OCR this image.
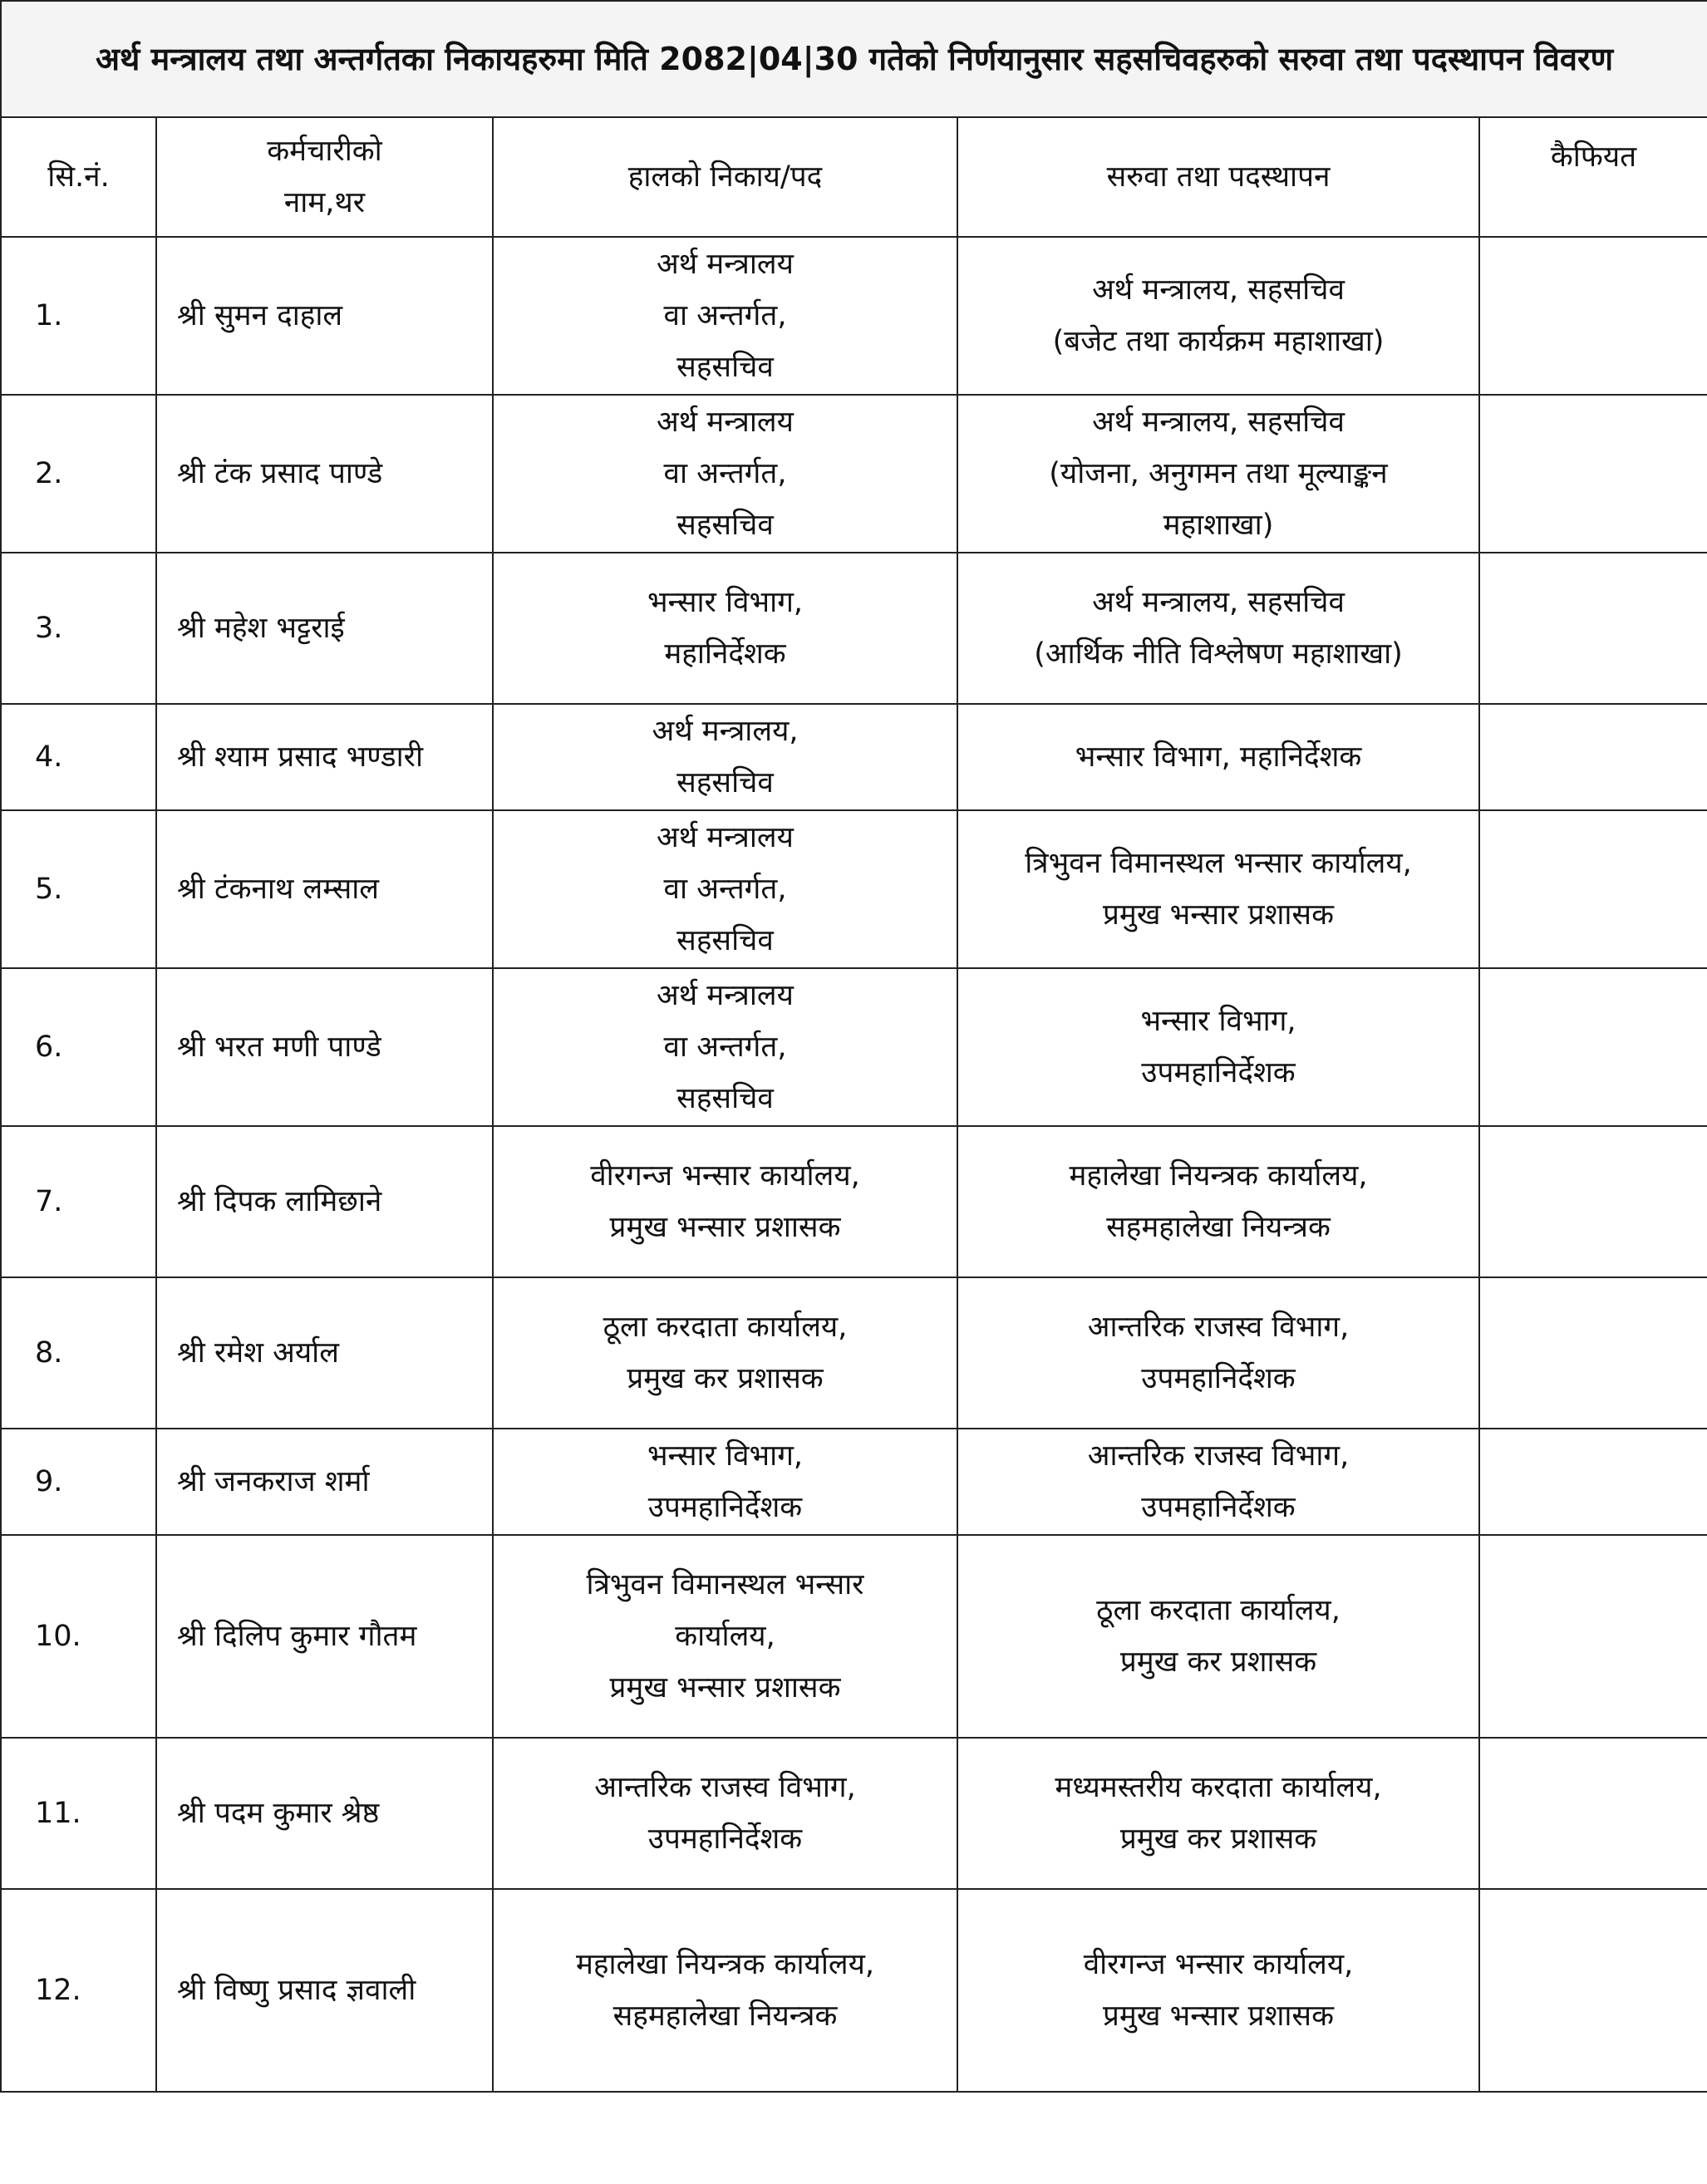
अर्थ मन्त्रालय तथा अन्तर्गतका निकायहरुमा मिति 2082|04|30 गतेको निर्णयानुसार सहसचिवहरुको सरुवा तथा पदस्थापन विवरण				
सि.नं.	कर्मचारीको
नाम,थर	हालको निकाय/पद	सरुवा तथा पदस्थापन	कैफियत
1.	श्री सुमन दाहाल	अर्थ मन्त्रालय
वा अन्तर्गत,
सहसचिव	अर्थ मन्त्रालय, सहसचिव
(बजेट तथा कार्यक्रम महाशाखा)	

2.	श्री टंक प्रसाद पाण्डे	अर्थ मन्त्रालय
वा अन्तर्गत,
सहसचिव	अर्थ मन्त्रालय, सहसचिव
(योजना, अनुगमन तथा मूल्याङ्कन
महाशाखा)	

3.	श्री महेश भट्टराई	भन्सार विभाग,
महानिर्देशक	अर्थ मन्त्रालय, सहसचिव
(आर्थिक नीति विश्लेषण महाशाखा)	

4.	श्री श्याम प्रसाद भण्डारी	अर्थ मन्त्रालय,
सहसचिव	भन्सार विभाग, महानिर्देशक	

5.	श्री टंकनाथ लम्साल	अर्थ मन्त्रालय
वा अन्तर्गत,
सहसचिव	त्रिभुवन विमानस्थल भन्सार कार्यालय,
प्रमुख भन्सार प्रशासक	

6.	श्री भरत मणी पाण्डे	अर्थ मन्त्रालय
वा अन्तर्गत,
सहसचिव	भन्सार विभाग,
उपमहानिर्देशक	

7.	श्री दिपक लामिछाने	वीरगन्ज भन्सार कार्यालय,
प्रमुख भन्सार प्रशासक	महालेखा नियन्त्रक कार्यालय,
सहमहालेखा नियन्त्रक	

8.	श्री रमेश अर्याल	ठूला करदाता कार्यालय,
प्रमुख कर प्रशासक	आन्तरिक राजस्व विभाग,
उपमहानिर्देशक	

9.	श्री जनकराज शर्मा	भन्सार विभाग,
उपमहानिर्देशक	आन्तरिक राजस्व विभाग,
उपमहानिर्देशक	

10.	श्री दिलिप कुमार गौतम	त्रिभुवन विमानस्थल भन्सार
कार्यालय,
प्रमुख भन्सार प्रशासक	ठूला करदाता कार्यालय,
प्रमुख कर प्रशासक	

11.	श्री पदम कुमार श्रेष्ठ	आन्तरिक राजस्व विभाग,
उपमहानिर्देशक	मध्यमस्तरीय करदाता कार्यालय,
प्रमुख कर प्रशासक	

12.	श्री विष्णु प्रसाद ज्ञवाली	महालेखा नियन्त्रक कार्यालय,
सहमहालेखा नियन्त्रक	वीरगन्ज भन्सार कार्यालय,
प्रमुख भन्सार प्रशासक	
